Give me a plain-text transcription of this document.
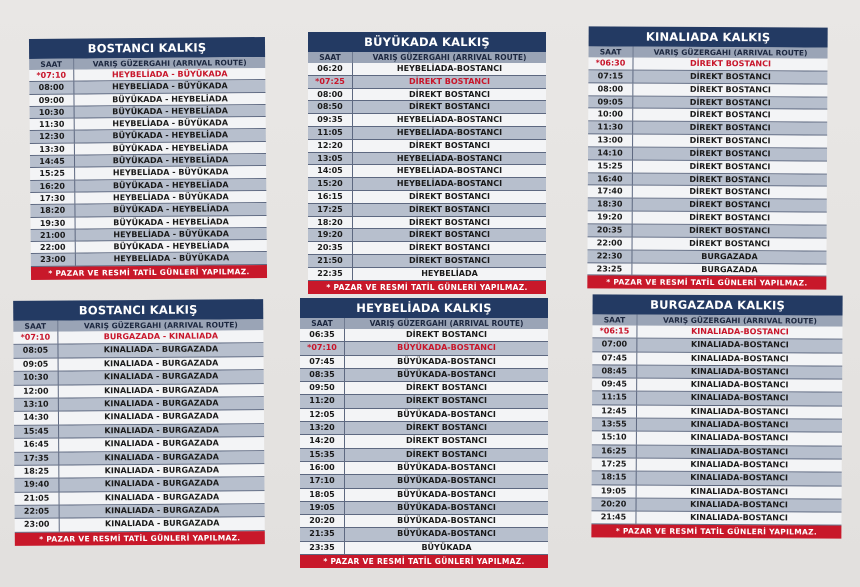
BOSTANCI KALKIŞ
SAAT	VARIŞ GÜZERGAHI (ARRIVAL ROUTE)
*07:10	HEYBELİADA - BÜYÜKADA
08:00	HEYBELİADA - BÜYÜKADA
09:00	BÜYÜKADA - HEYBELİADA
10:30	BÜYÜKADA - HEYBELİADA
11:30	HEYBELİADA - BÜYÜKADA
12:30	BÜYÜKADA - HEYBELİADA
13:30	BÜYÜKADA - HEYBELİADA
14:45	BÜYÜKADA - HEYBELİADA
15:25	HEYBELİADA - BÜYÜKADA
16:20	BÜYÜKADA - HEYBELİADA
17:30	HEYBELİADA - BÜYÜKADA
18:20	BÜYÜKADA - HEYBELİADA
19:30	BÜYÜKADA - HEYBELİADA
21:00	HEYBELİADA - BÜYÜKADA
22:00	BÜYÜKADA - HEYBELİADA
23:00	HEYBELİADA - BÜYÜKADA
* PAZAR VE RESMİ TATİL GÜNLERİ YAPILMAZ.
BÜYÜKADA KALKIŞ
SAAT	VARIŞ GÜZERGAHI (ARRIVAL ROUTE)
06:20	HEYBELİADA-BOSTANCI
*07:25	DİREKT BOSTANCI
08:00	DİREKT BOSTANCI
08:50	DİREKT BOSTANCI
09:35	HEYBELİADA-BOSTANCI
11:05	HEYBELİADA-BOSTANCI
12:20	DİREKT BOSTANCI
13:05	HEYBELİADA-BOSTANCI
14:05	HEYBELİADA-BOSTANCI
15:20	HEYBELİADA-BOSTANCI
16:15	DİREKT BOSTANCI
17:25	DİREKT BOSTANCI
18:20	DİREKT BOSTANCI
19:20	DİREKT BOSTANCI
20:35	DİREKT BOSTANCI
21:50	DİREKT BOSTANCI
22:35	HEYBELİADA
* PAZAR VE RESMİ TATİL GÜNLERİ YAPILMAZ.
KINALIADA KALKIŞ
SAAT	VARIŞ GÜZERGAHI (ARRIVAL ROUTE)
*06:30	DİREKT BOSTANCI
07:15	DİREKT BOSTANCI
08:00	DİREKT BOSTANCI
09:05	DİREKT BOSTANCI
10:00	DİREKT BOSTANCI
11:30	DİREKT BOSTANCI
13:00	DİREKT BOSTANCI
14:10	DİREKT BOSTANCI
15:25	DİREKT BOSTANCI
16:40	DİREKT BOSTANCI
17:40	DİREKT BOSTANCI
18:30	DİREKT BOSTANCI
19:20	DİREKT BOSTANCI
20:35	DİREKT BOSTANCI
22:00	DİREKT BOSTANCI
22:30	BURGAZADA
23:25	BURGAZADA
* PAZAR VE RESMİ TATİL GÜNLERİ YAPILMAZ.
BOSTANCI KALKIŞ
SAAT	VARIŞ GÜZERGAHI (ARRIVAL ROUTE)
*07:10	BURGAZADA - KINALIADA
08:05	KINALIADA - BURGAZADA
09:05	KINALIADA - BURGAZADA
10:30	KINALIADA - BURGAZADA
12:00	KINALIADA - BURGAZADA
13:10	KINALIADA - BURGAZADA
14:30	KINALIADA - BURGAZADA
15:45	KINALIADA - BURGAZADA
16:45	KINALIADA - BURGAZADA
17:35	KINALIADA - BURGAZADA
18:25	KINALIADA - BURGAZADA
19:40	KINALIADA - BURGAZADA
21:05	KINALIADA - BURGAZADA
22:05	KINALIADA - BURGAZADA
23:00	KINALIADA - BURGAZADA
* PAZAR VE RESMİ TATİL GÜNLERİ YAPILMAZ.
HEYBELİADA KALKIŞ
SAAT	VARIŞ GÜZERGAHI (ARRIVAL ROUTE)
06:35	DİREKT BOSTANCI
*07:10	BÜYÜKADA-BOSTANCI
07:45	BÜYÜKADA-BOSTANCI
08:35	BÜYÜKADA-BOSTANCI
09:50	DİREKT BOSTANCI
11:20	DİREKT BOSTANCI
12:05	BÜYÜKADA-BOSTANCI
13:20	DİREKT BOSTANCI
14:20	DİREKT BOSTANCI
15:35	DİREKT BOSTANCI
16:00	BÜYÜKADA-BOSTANCI
17:10	BÜYÜKADA-BOSTANCI
18:05	BÜYÜKADA-BOSTANCI
19:05	BÜYÜKADA-BOSTANCI
20:20	BÜYÜKADA-BOSTANCI
21:35	BÜYÜKADA-BOSTANCI
23:35	BÜYÜKADA
* PAZAR VE RESMİ TATİL GÜNLERİ YAPILMAZ.
BURGAZADA KALKIŞ
SAAT	VARIŞ GÜZERGAHI (ARRIVAL ROUTE)
*06:15	KINALIADA-BOSTANCI
07:00	KINALIADA-BOSTANCI
07:45	KINALIADA-BOSTANCI
08:45	KINALIADA-BOSTANCI
09:45	KINALIADA-BOSTANCI
11:15	KINALIADA-BOSTANCI
12:45	KINALIADA-BOSTANCI
13:55	KINALIADA-BOSTANCI
15:10	KINALIADA-BOSTANCI
16:25	KINALIADA-BOSTANCI
17:25	KINALIADA-BOSTANCI
18:15	KINALIADA-BOSTANCI
19:05	KINALIADA-BOSTANCI
20:20	KINALIADA-BOSTANCI
21:45	KINALIADA-BOSTANCI
* PAZAR VE RESMİ TATİL GÜNLERİ YAPILMAZ.
